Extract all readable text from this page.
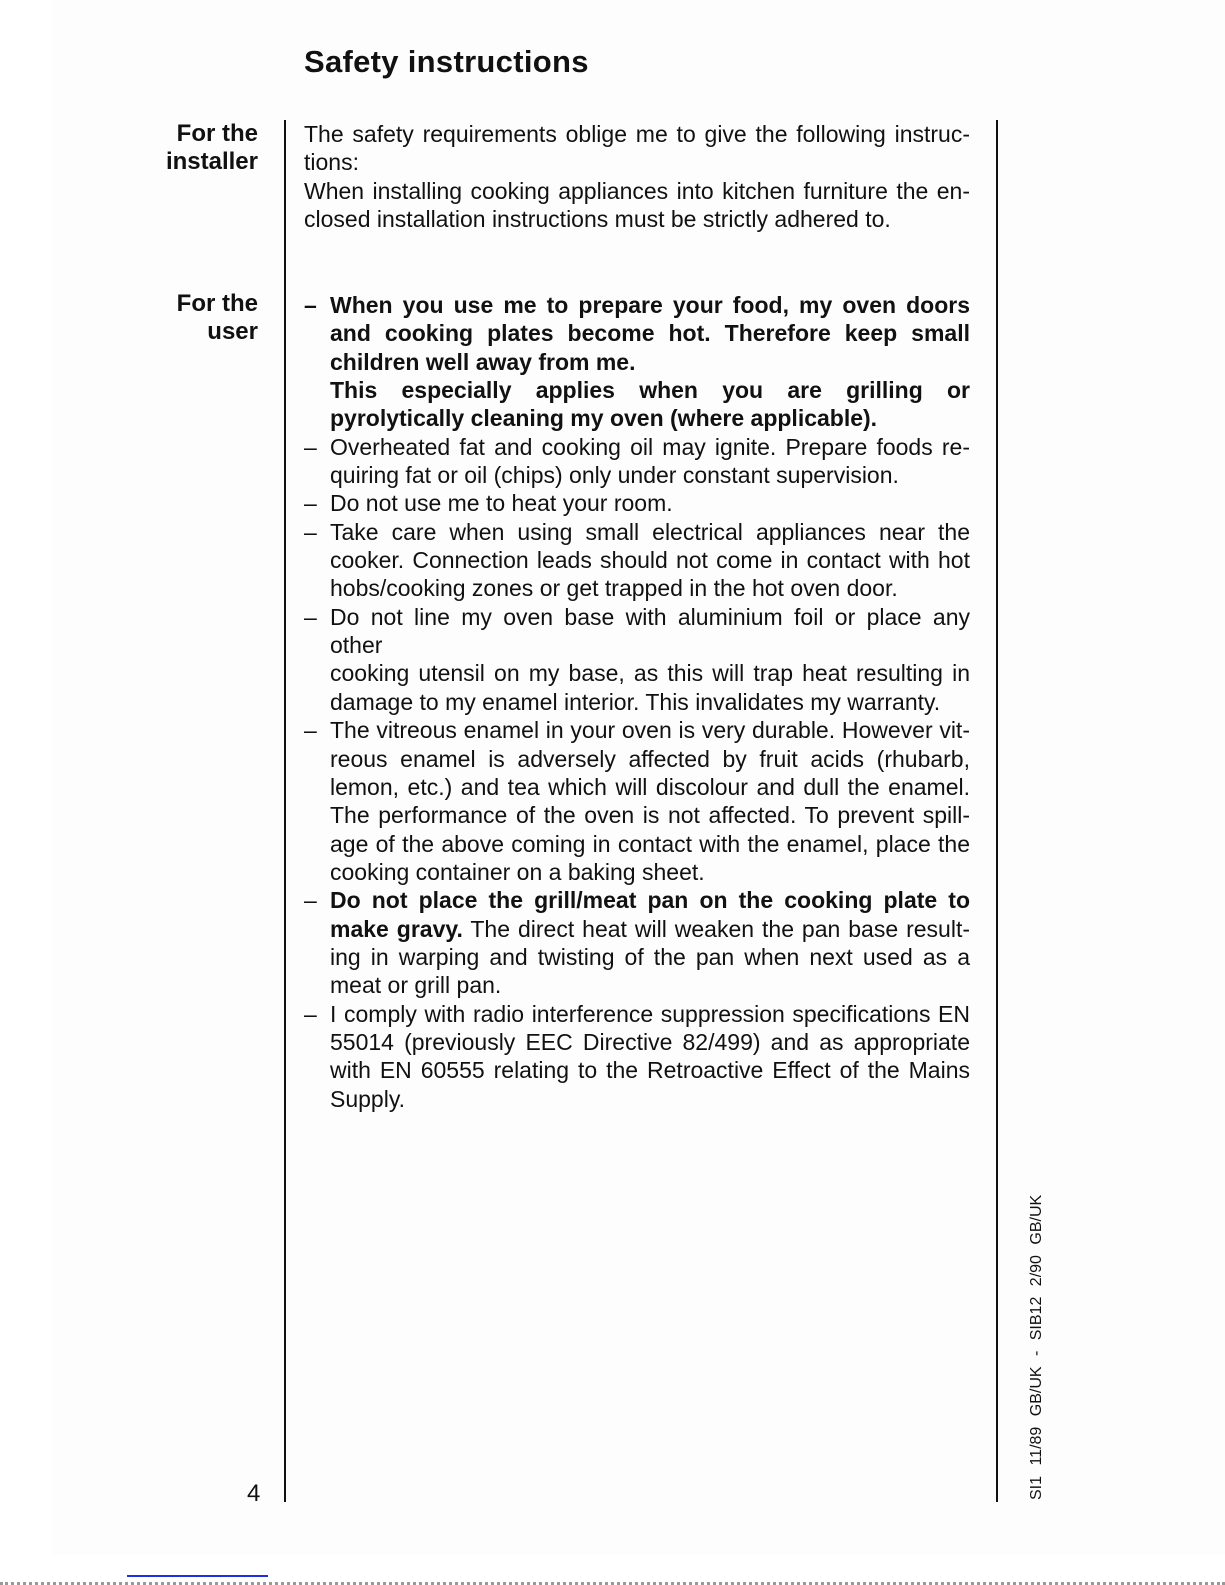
Safety instructions
For the
installer
For the
user
The safety requirements oblige me to give the following instruc-
tions:
When installing cooking appliances into kitchen furniture the en-
closed installation instructions must be strictly adhered to.
– When you use me to prepare your food, my oven doors
and cooking plates become hot. Therefore keep small
children well away from me.
This especially applies when you are grilling or
pyrolytically cleaning my oven (where applicable).
– Overheated fat and cooking oil may ignite. Prepare foods re-
quiring fat or oil (chips) only under constant supervision.
– Do not use me to heat your room.
– Take care when using small electrical appliances near the
cooker. Connection leads should not come in contact with hot
hobs/cooking zones or get trapped in the hot oven door.
– Do not line my oven base with aluminium foil or place any other
cooking utensil on my base, as this will trap heat resulting in
damage to my enamel interior. This invalidates my warranty.
– The vitreous enamel in your oven is very durable. However vit-
reous enamel is adversely affected by fruit acids (rhubarb,
lemon, etc.) and tea which will discolour and dull the enamel.
The performance of the oven is not affected. To prevent spill-
age of the above coming in contact with the enamel, place the
cooking container on a baking sheet.
– Do not place the grill/meat pan on the cooking plate to
make gravy. The direct heat will weaken the pan base result-
ing in warping and twisting of the pan when next used as a
meat or grill pan.
– I comply with radio interference suppression specifications EN
55014 (previously EEC Directive 82/499) and as appropriate
with EN 60555 relating to the Retroactive Effect of the Mains
Supply.
4	SI1 11/89 GB/UK - SIB12 2/90 GB/UK
